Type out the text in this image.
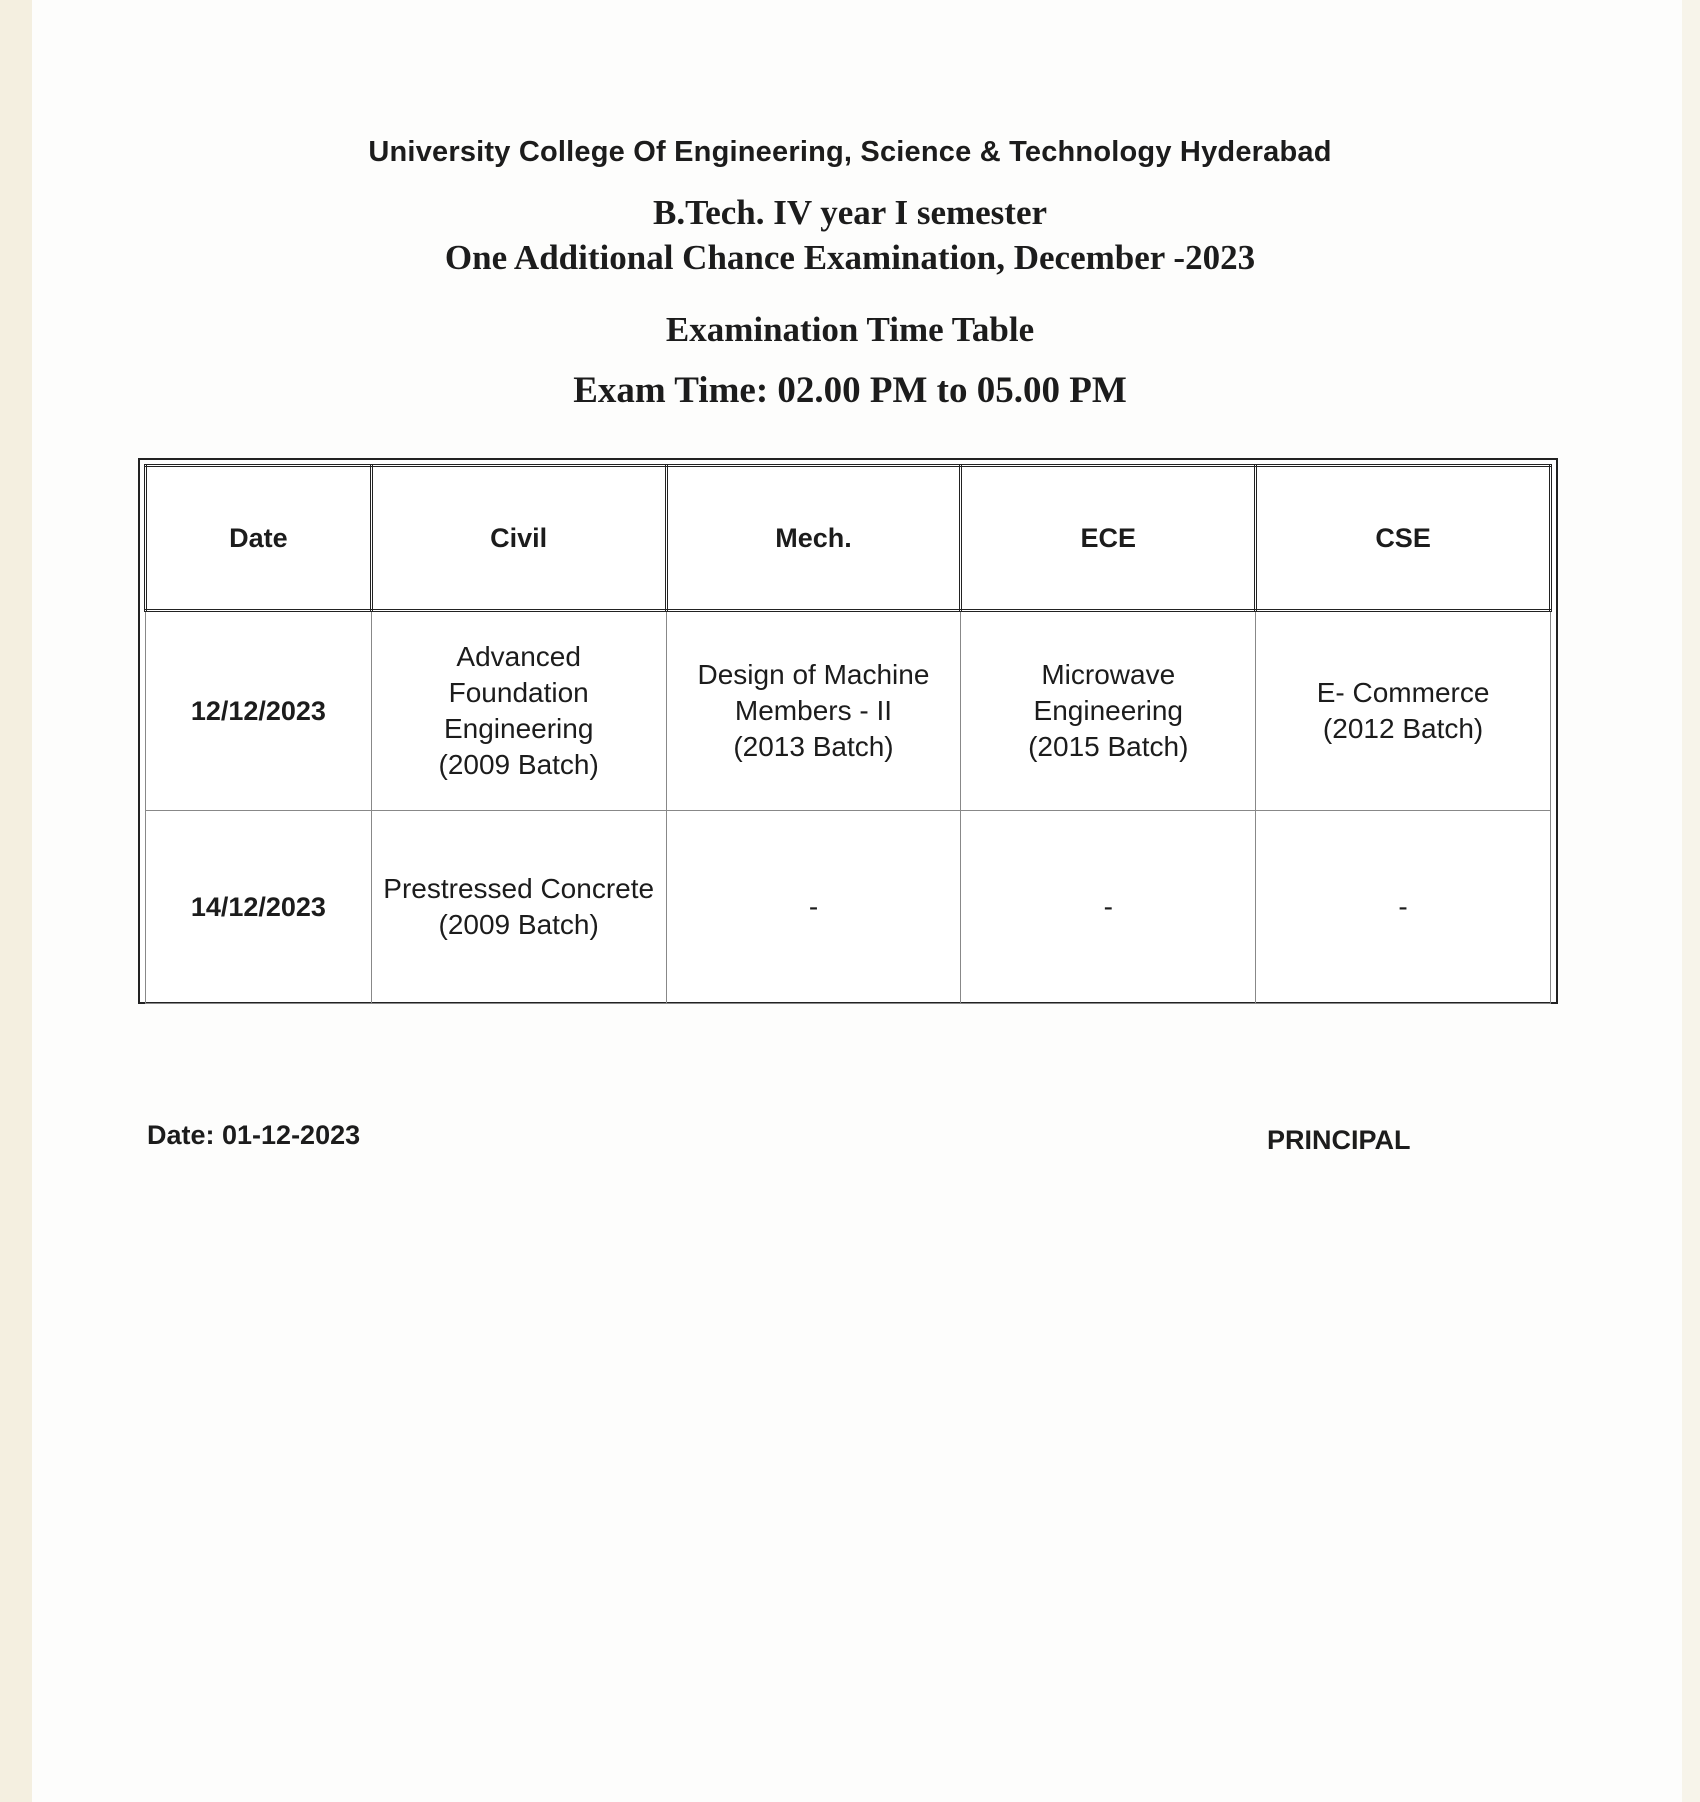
University College Of Engineering, Science & Technology Hyderabad
B.Tech. IV year I semester
One Additional Chance Examination, December -2023
Examination Time Table
Exam Time: 02.00 PM to 05.00 PM
Date	Civil	Mech.	ECE	CSE
12/12/2023	Advanced
Foundation
Engineering
(2009 Batch)	Design of Machine
Members - II
(2013 Batch)	Microwave
Engineering
(2015 Batch)	E- Commerce
(2012 Batch)

14/12/2023	Prestressed Concrete
(2009 Batch)	-	-	-
Date: 01-12-2023	PRINCIPAL
